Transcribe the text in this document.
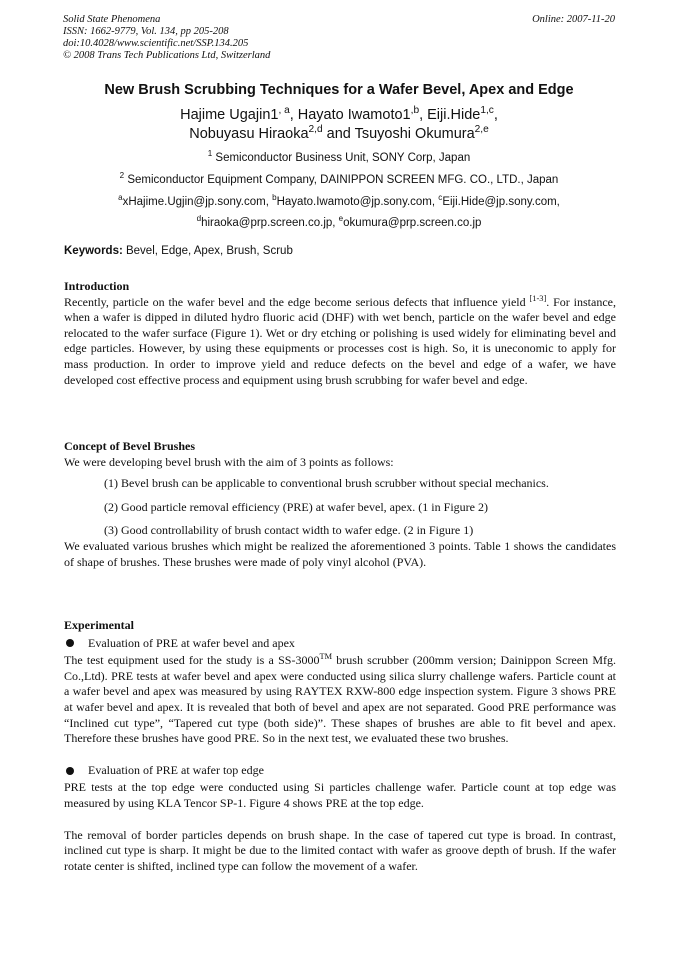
Solid State Phenomena
ISSN: 1662-9779, Vol. 134, pp 205-208
doi:10.4028/www.scientific.net/SSP.134.205
© 2008 Trans Tech Publications Ltd, Switzerland
Online: 2007-11-20
New Brush Scrubbing Techniques for a Wafer Bevel, Apex and Edge
Hajime $Ugajin1^{, a}$, Hayato $Iwamoto1^{,b}$, Eiji.Hide$^{1,c}$,
Nobuyasu Hiraoka$^{2,d}$ and Tsuyoshi Okumura$^{2,e}$
$^1$ Semiconductor Business Unit, SONY Corp, Japan
$^2$ Semiconductor Equipment Company, DAINIPPON SCREEN MFG. CO., LTD., Japan
$^a$xHajime.Ugjin@jp.sony.com, $^b$Hayato.Iwamoto@jp.sony.com, $^c$Eiji.Hide@jp.sony.com,
$^d$hiraoka@prp.screen.co.jp, $^e$okumura@prp.screen.co.jp
Keywords: Bevel, Edge, Apex, Brush, Scrub
Introduction

Recently, particle on the wafer bevel and the edge become serious defects that influence yield [1-3]. For instance, when a wafer is dipped in diluted hydro fluoric acid (DHF) with wet bench, particle on the wafer bevel and edge relocated to the wafer surface (Figure 1). Wet or dry etching or polishing is used widely for eliminating bevel and edge particles. However, by using these equipments or processes cost is high. So, it is uneconomic to apply for mass production. In order to improve yield and reduce defects on the bevel and edge of a wafer, we have developed cost effective process and equipment using brush scrubbing for wafer bevel and edge.

Concept of Bevel Brushes

We were developing bevel brush with the aim of 3 points as follows:

(1) Bevel brush can be applicable to conventional brush scrubber without special mechanics.
(2) Good particle removal efficiency (PRE) at wafer bevel, apex. (1 in Figure 2)
(3) Good controllability of brush contact width to wafer edge. (2 in Figure 1)

We evaluated various brushes which might be realized the aforementioned 3 points. Table 1 shows the candidates of shape of brushes. These brushes were made of poly vinyl alcohol (PVA).

Experimental
Evaluation of PRE at wafer bevel and apex

The test equipment used for the study is a SS-3000™ brush scrubber (200mm version; Dainippon Screen Mfg. Co.,Ltd). PRE tests at wafer bevel and apex were conducted using silica slurry challenge wafers. Particle count at a wafer bevel and apex was measured by using RAYTEX RXW-800 edge inspection system. Figure 3 shows PRE at wafer bevel and apex. It is revealed that both of bevel and apex are not separated. Good PRE performance was “Inclined cut type”, “Tapered cut type (both side)”. These shapes of brushes are able to fit bevel and apex. Therefore these brushes have good PRE. So in the next test, we evaluated these two brushes.

Evaluation of PRE at wafer top edge

PRE tests at the top edge were conducted using Si particles challenge wafer. Particle count at top edge was measured by using KLA Tencor SP-1. Figure 4 shows PRE at the top edge.

The removal of border particles depends on brush shape. In the case of tapered cut type is broad. In contrast, inclined cut type is sharp. It might be due to the limited contact with wafer as groove depth of brush. If the wafer rotate center is shifted, inclined type can follow the movement of a wafer.
